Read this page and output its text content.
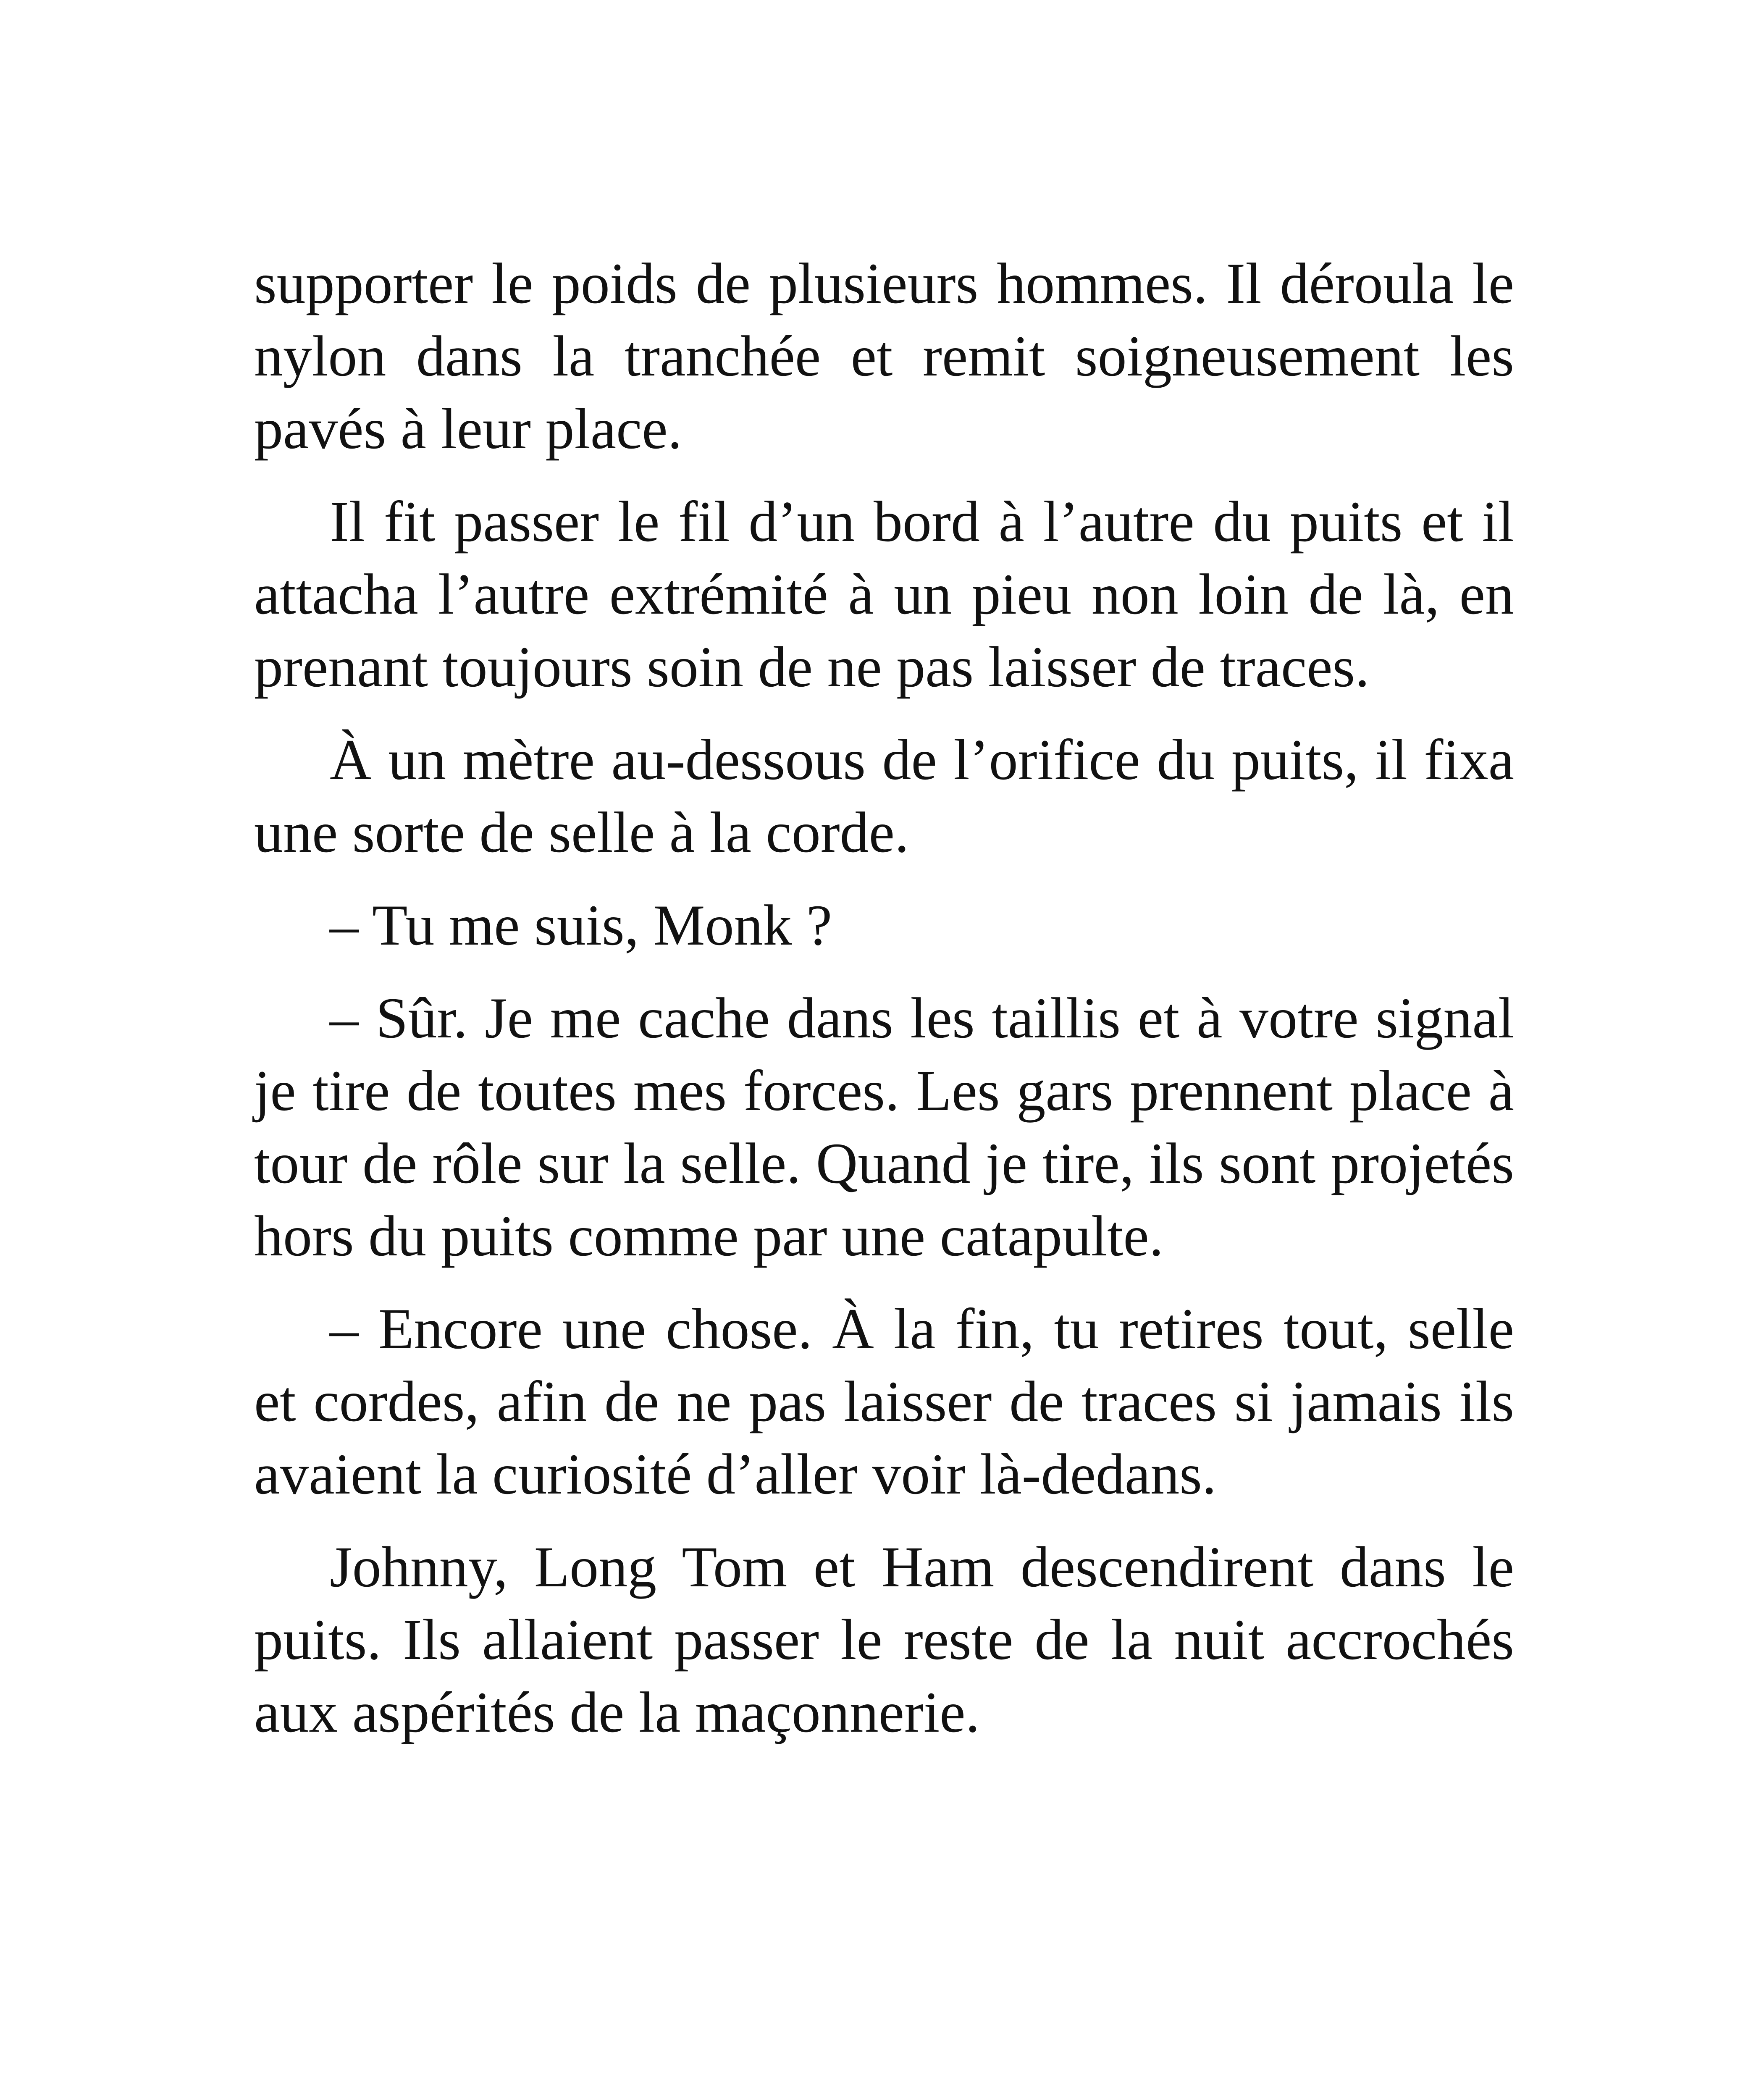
supporter le poids de plusieurs hommes. Il déroula le nylon dans la tranchée et remit soigneusement les pavés à leur place.

Il fit passer le fil d’un bord à l’autre du puits et il attacha l’autre extrémité à un pieu non loin de là, en prenant toujours soin de ne pas laisser de traces.

À un mètre au-dessous de l’orifice du puits, il fixa une sorte de selle à la corde.

– Tu me suis, Monk ?

– Sûr. Je me cache dans les taillis et à votre signal je tire de toutes mes forces. Les gars prennent place à tour de rôle sur la selle. Quand je tire, ils sont projetés hors du puits comme par une catapulte.

– Encore une chose. À la fin, tu retires tout, selle et cordes, afin de ne pas laisser de traces si jamais ils avaient la curiosité d’aller voir là-dedans.

Johnny, Long Tom et Ham descendirent dans le puits. Ils allaient passer le reste de la nuit accrochés aux aspérités de la maçonnerie.
